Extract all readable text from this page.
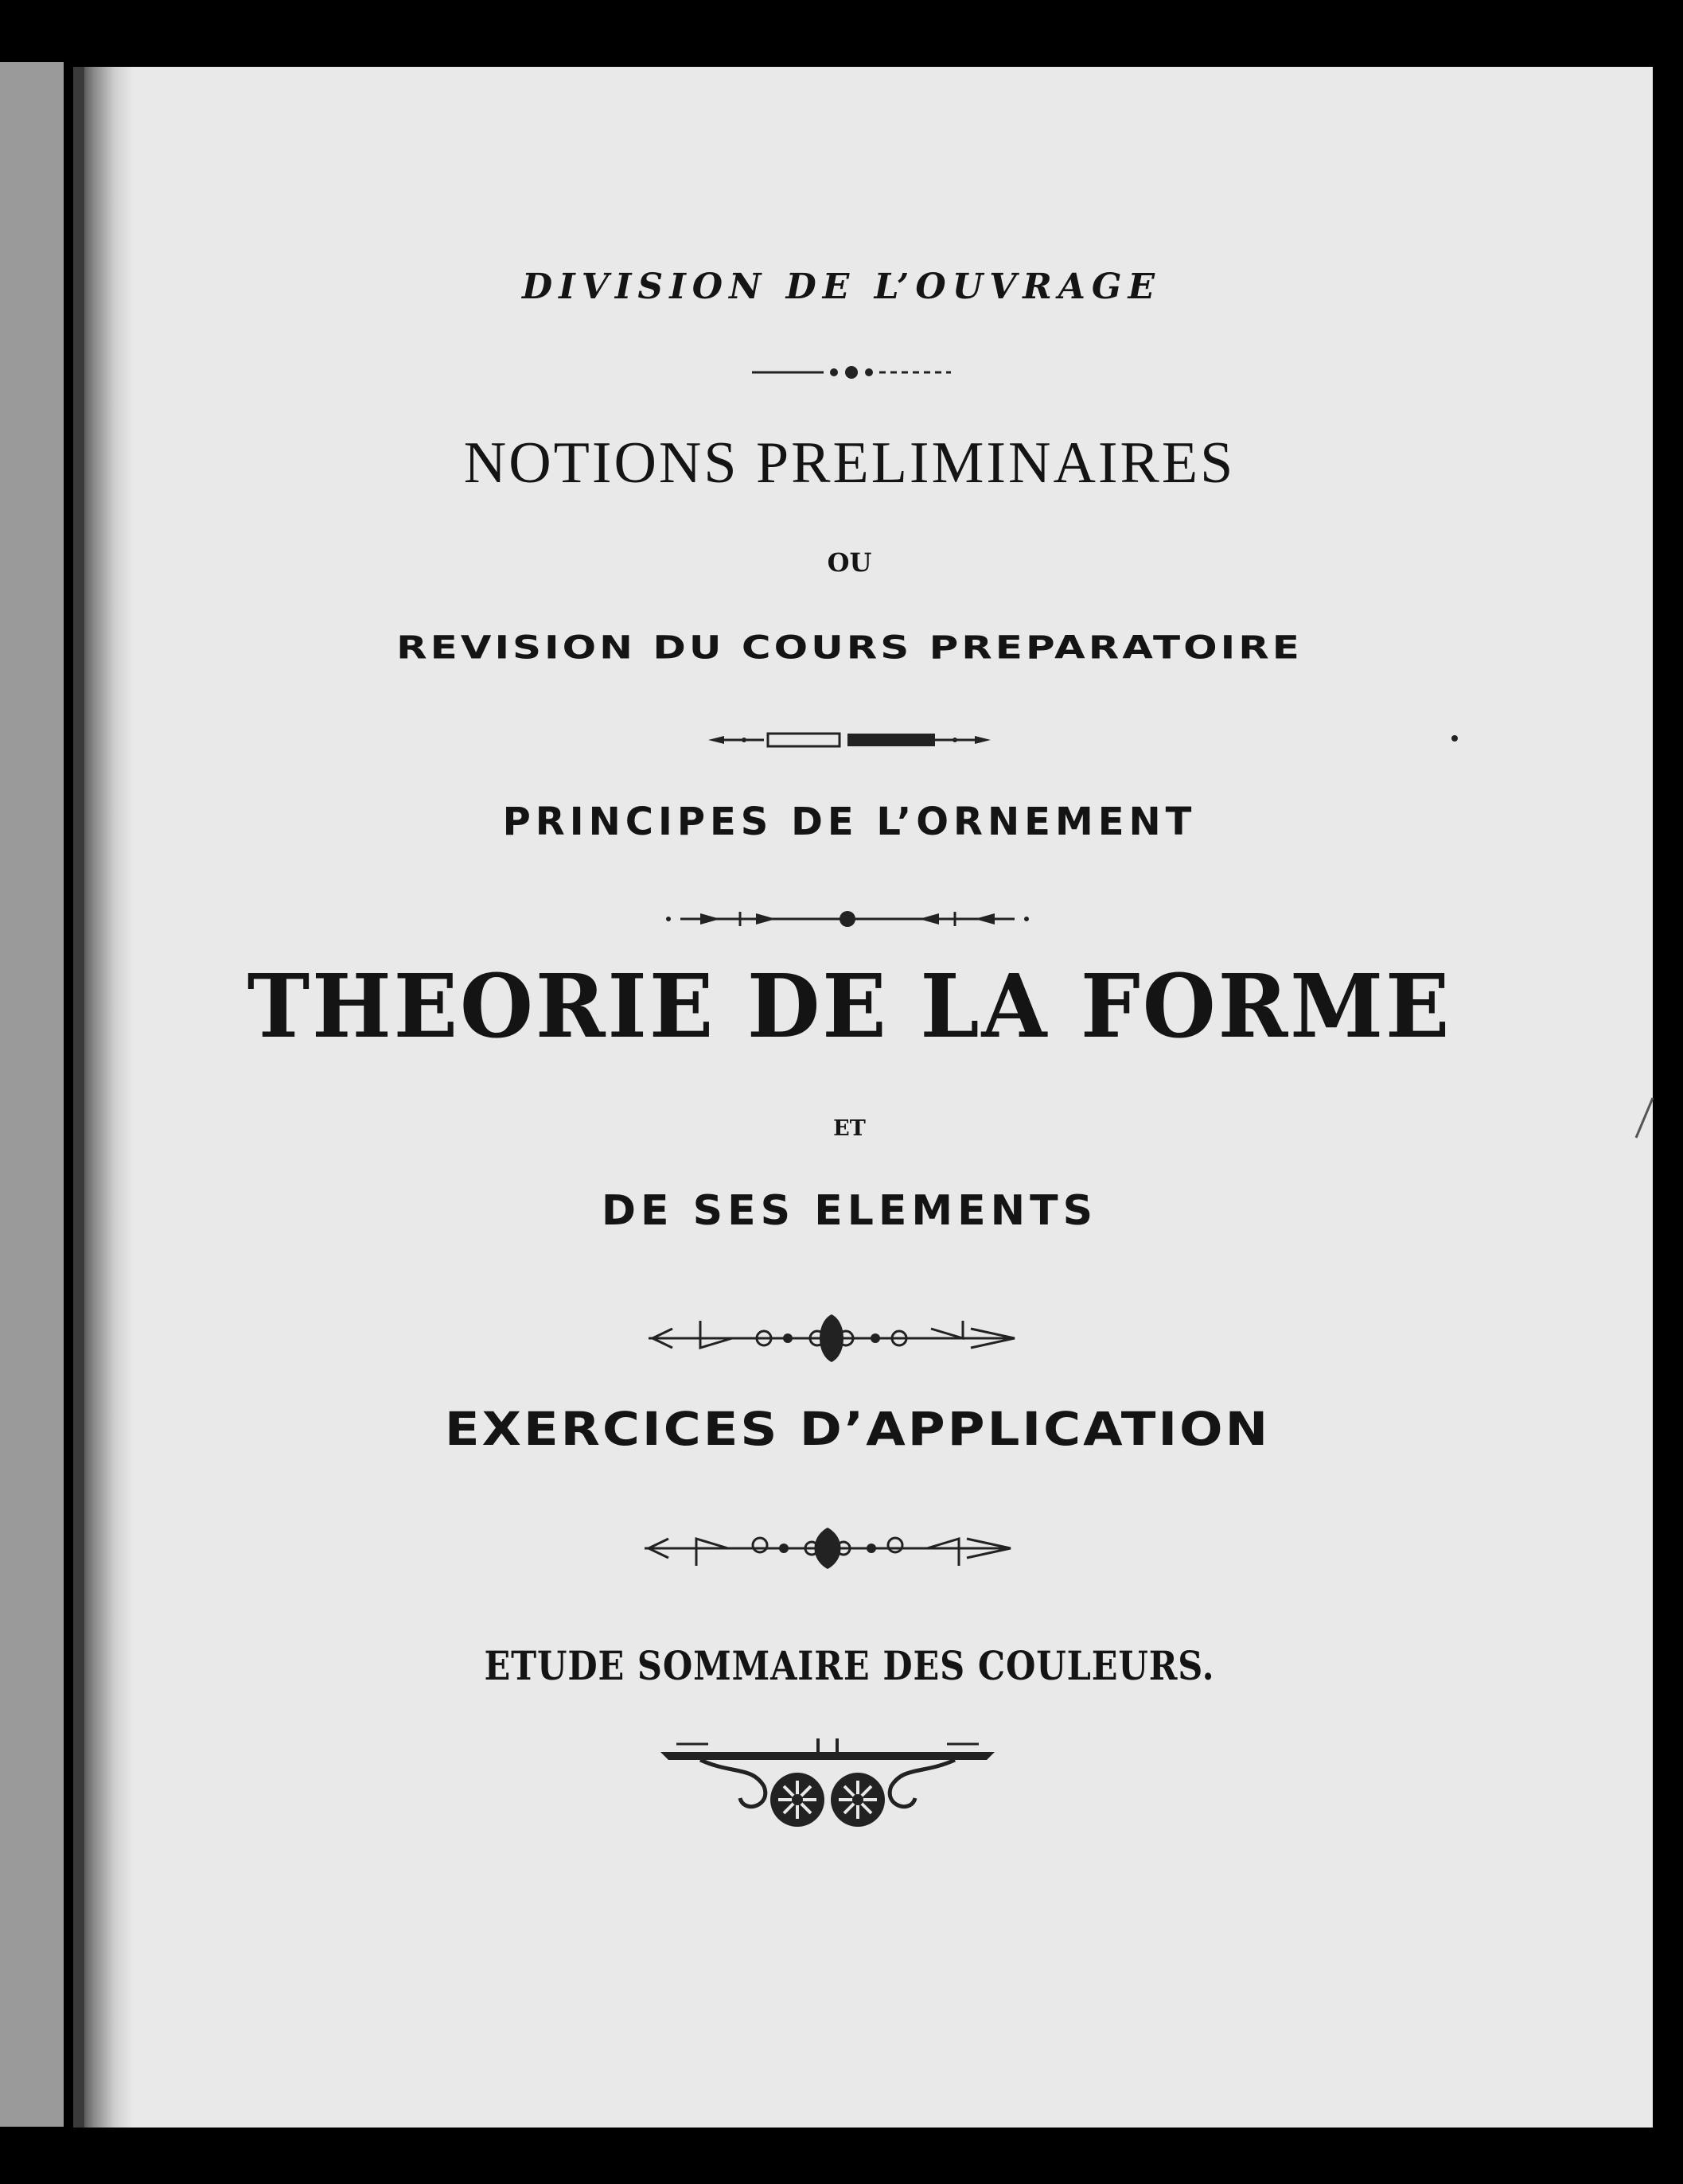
DIVISION DE L’OUVRAGE
NOTIONS PRELIMINAIRES
OU
REVISION DU COURS PREPARATOIRE
PRINCIPES DE L’ORNEMENT
THEORIE DE LA FORME
ET
DE SES ELEMENTS
EXERCICES D’APPLICATION
ETUDE SOMMAIRE DES COULEURS.
